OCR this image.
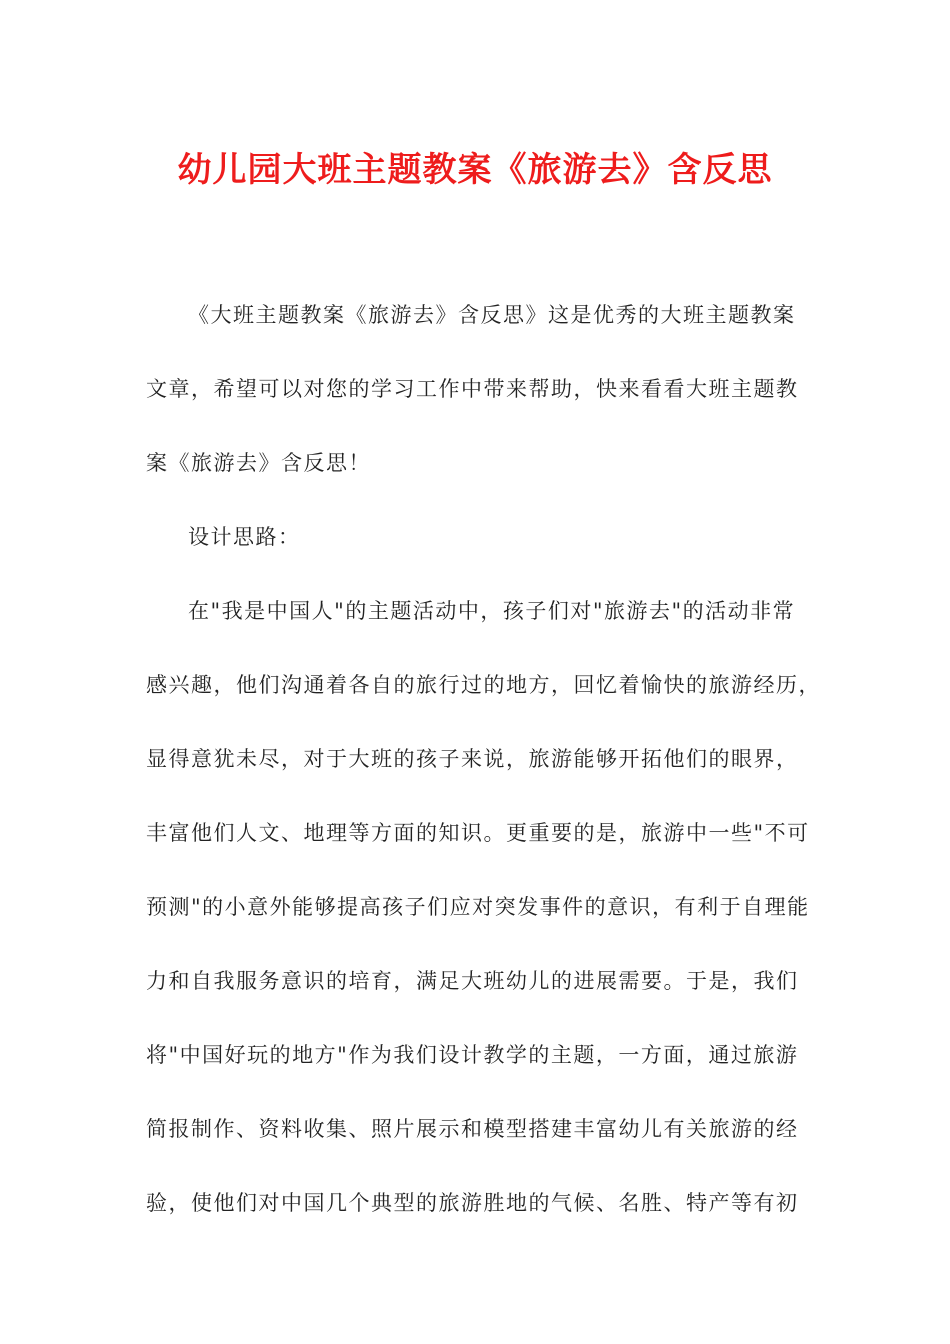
幼儿园大班主题教案《旅游去》含反思
《大班主题教案《旅游去》含反思》这是优秀的大班主题教案
文章，希望可以对您的学习工作中带来帮助，快来看看大班主题教
案《旅游去》含反思！
设计思路：
在"我是中国人"的主题活动中，孩子们对"旅游去"的活动非常
感兴趣，他们沟通着各自的旅行过的地方，回忆着愉快的旅游经历，
显得意犹未尽，对于大班的孩子来说，旅游能够开拓他们的眼界，
丰富他们人文、地理等方面的知识。更重要的是，旅游中一些"不可
预测"的小意外能够提高孩子们应对突发事件的意识，有利于自理能
力和自我服务意识的培育，满足大班幼儿的进展需要。于是，我们
将"中国好玩的地方"作为我们设计教学的主题，一方面，通过旅游
简报制作、资料收集、照片展示和模型搭建丰富幼儿有关旅游的经
验，使他们对中国几个典型的旅游胜地的气候、名胜、特产等有初
